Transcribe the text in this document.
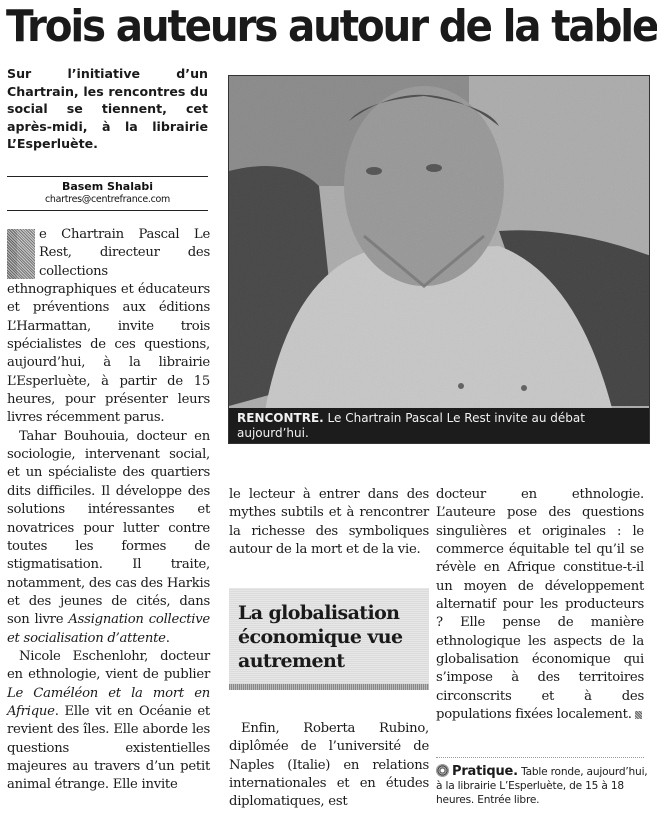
Trois auteurs autour de la table

Sur l’initiative d’un Chartrain, les rencontres du social se tiennent, cet après-midi, à la librairie L’Esperluète.

Basem Shalabi
chartres@centrefrance.com

e Chartrain Pascal Le Rest, directeur des collections ethnographiques et éducateurs et préventions aux éditions L’Harmattan, invite trois spécialistes de ces questions, aujourd’hui, à la librairie L’Esperluète, à partir de 15 heures, pour présenter leurs livres récemment parus.

Tahar Bouhouia, docteur en sociologie, intervenant social, et un spécialiste des quartiers dits difficiles. Il développe des solutions intéressantes et novatrices pour lutter contre toutes les formes de stigmatisation. Il traite, notamment, des cas des Harkis et des jeunes de cités, dans son livre Assignation collective et socialisation d’attente.

Nicole Eschenlohr, docteur en ethnologie, vient de publier Le Caméléon et la mort en Afrique. Elle vit en Océanie et revient des îles. Elle aborde les questions existentielles majeures au travers d’un petit animal étrange. Elle invite

RENCONTRE. Le Chartrain Pascal Le Rest invite au débat aujourd’hui.

le lecteur à entrer dans des mythes subtils et à rencontrer la richesse des symboliques autour de la mort et de la vie.

La globalisation économique vue autrement

Enfin, Roberta Rubino, diplômée de l’université de Naples (Italie) en relations internationales et en études diplomatiques, est

docteur en ethnologie. L’auteure pose des questions singulières et originales : le commerce équitable tel qu’il se révèle en Afrique constitue-t-il un moyen de développement alternatif pour les producteurs ? Elle pense de manière ethnologique les aspects de la globalisation économique qui s’impose à des territoires circonscrits et à des populations fixées localement.

Pratique. Table ronde, aujourd’hui, à la librairie L’Esperluète, de 15 à 18 heures. Entrée libre.
